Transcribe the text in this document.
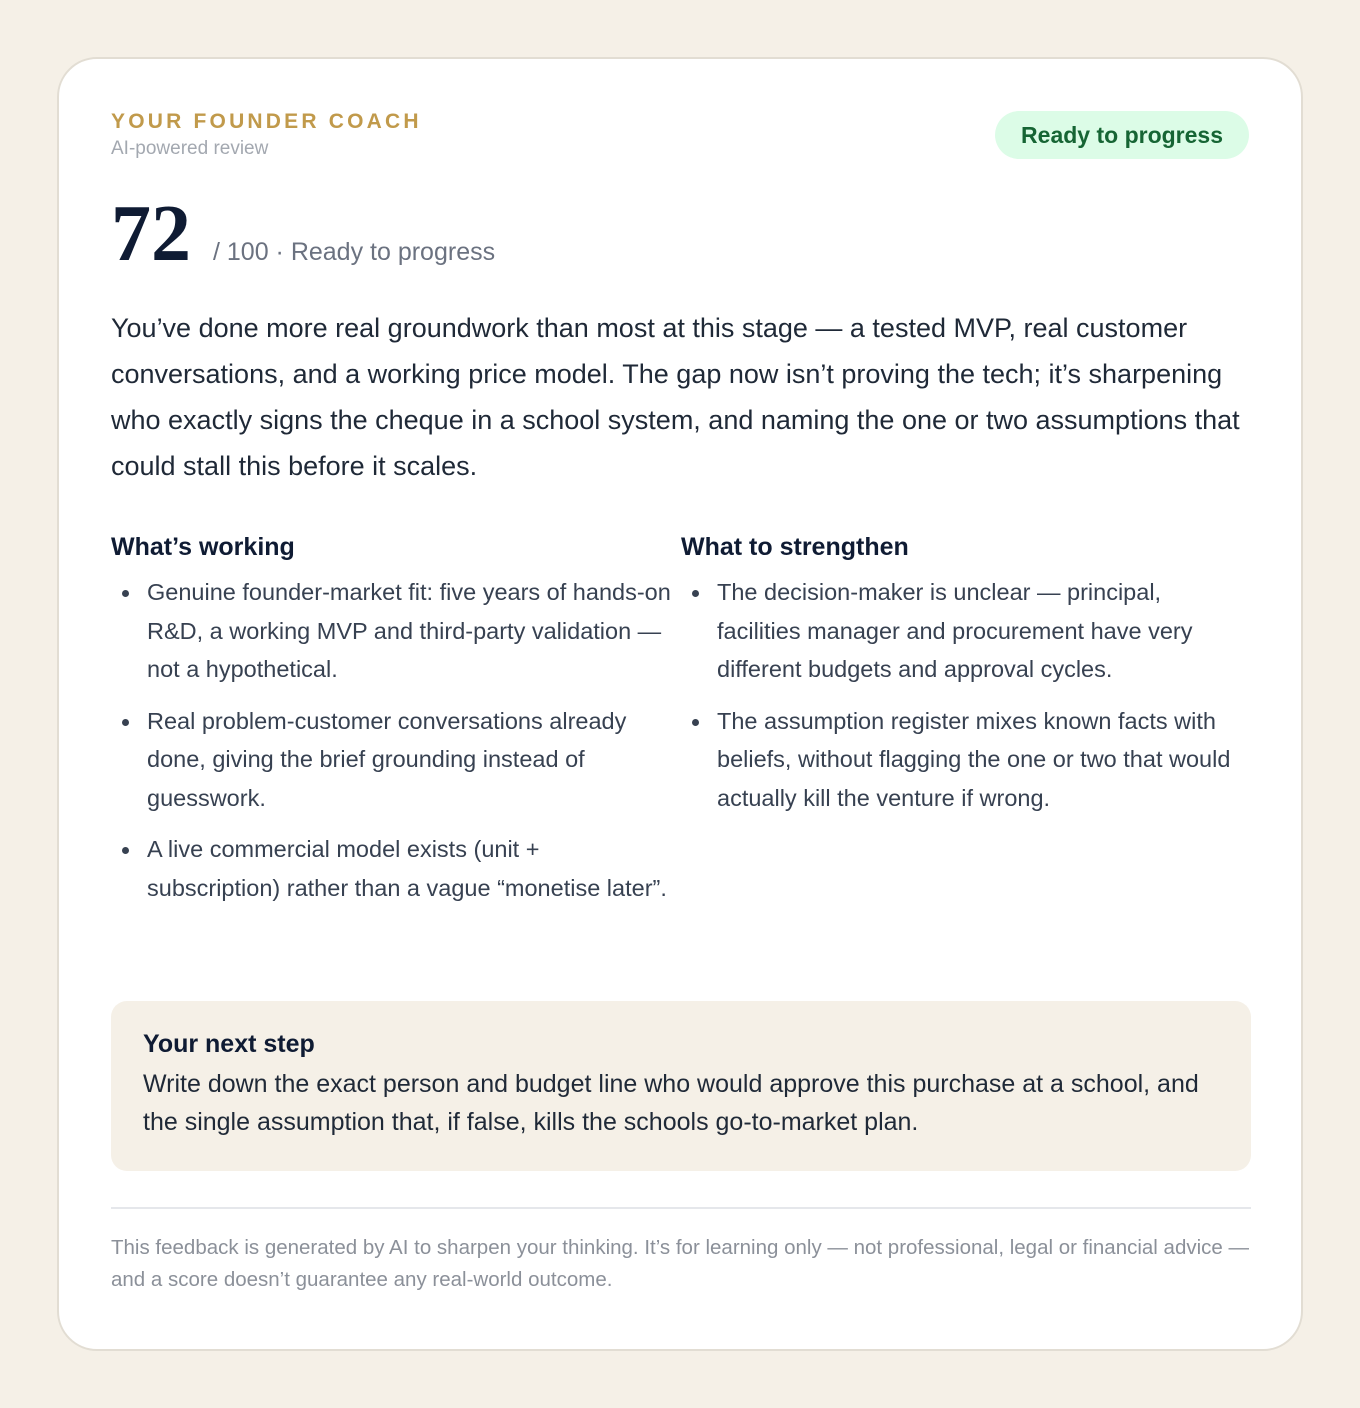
YOUR FOUNDER COACH
AI-powered review
Ready to progress
72 / 100 · Ready to progress

You’ve done more real groundwork than most at this stage — a tested MVP, real customer conversations, and a working price model. The gap now isn’t proving the tech; it’s sharpening who exactly signs the cheque in a school system, and naming the one or two assumptions that could stall this before it scales.

What’s working
Genuine founder-market fit: five years of hands-on R&D, a working MVP and third-party validation — not a hypothetical.
Real problem-customer conversations already done, giving the brief grounding instead of guesswork.
A live commercial model exists (unit + subscription) rather than a vague “monetise later”.
What to strengthen
The decision-maker is unclear — principal, facilities manager and procurement have very different budgets and approval cycles.
The assumption register mixes known facts with beliefs, without flagging the one or two that would actually kill the venture if wrong.
Your next step

Write down the exact person and budget line who would approve this purchase at a school, and the single assumption that, if false, kills the schools go-to-market plan.

This feedback is generated by AI to sharpen your thinking. It’s for learning only — not professional, legal or financial advice — and a score doesn’t guarantee any real-world outcome.
